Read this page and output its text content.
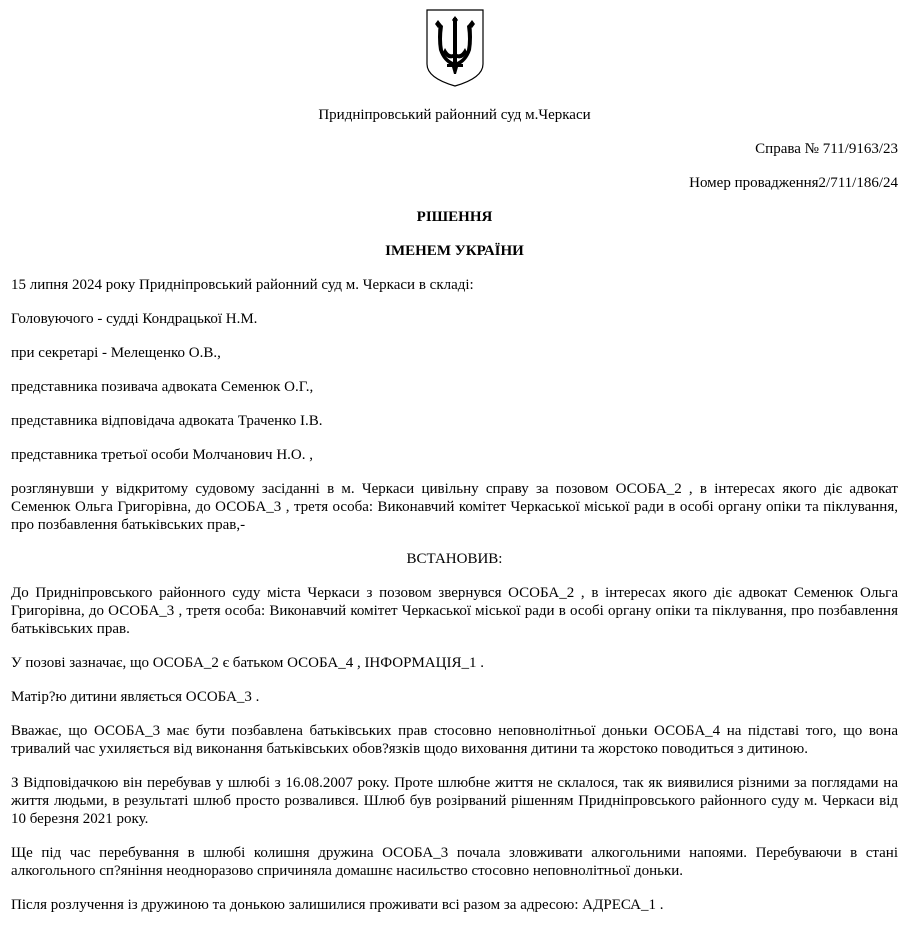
Придніпровський районний суд м.Черкаси
Справа № 711/9163/23
Номер провадження2/711/186/24
РІШЕННЯ
ІМЕНЕМ УКРАЇНИ

15 липня 2024 року Придніпровський районний суд м. Черкаси в складі:

Головуючого - судді Кондрацької Н.М.

при секретарі - Мелещенко О.В.,

представника позивача адвоката Семенюк О.Г.,

представника відповідача адвоката Траченко І.В.

представника третьої особи Молчанович Н.О. ,

розглянувши у відкритому судовому засіданні в м. Черкаси цивільну справу за позовом ОСОБА_2 , в інтересах якого діє адвокат Семенюк Ольга Григорівна, до ОСОБА_3 , третя особа: Виконавчий комітет Черкаської міської ради в особі органу опіки та піклування, про позбавлення батьківських прав,-

ВСТАНОВИВ:

До Придніпровського районного суду міста Черкаси з позовом звернувся ОСОБА_2 , в інтересах якого діє адвокат Семенюк Ольга Григорівна, до ОСОБА_3 , третя особа: Виконавчий комітет Черкаської міської ради в особі органу опіки та піклування, про позбавлення батьківських прав.

У позові зазначає, що ОСОБА_2 є батьком ОСОБА_4 , ІНФОРМАЦІЯ_1 .

Матір?ю дитини являється ОСОБА_3 .

Вважає, що ОСОБА_3 має бути позбавлена батьківських прав стосовно неповнолітньої доньки ОСОБА_4 на підставі того, що вона тривалий час ухиляється від виконання батьківських обов?язків щодо виховання дитини та жорстоко поводиться з дитиною.

З Відповідачкою він перебував у шлюбі з 16.08.2007 року. Проте шлюбне життя не склалося, так як виявилися різними за поглядами на життя людьми, в результаті шлюб просто розвалився. Шлюб був розірваний рішенням Придніпровського районного суду м. Черкаси від 10 березня 2021 року.

Ще під час перебування в шлюбі колишня дружина ОСОБА_3 почала зловживати алкогольними напоями. Перебуваючи в стані алкогольного сп?яніння неодноразово спричиняла домашнє насильство стосовно неповнолітньої доньки.

Після розлучення із дружиною та донькою залишилися проживати всі разом за адресою: АДРЕСА_1 .
